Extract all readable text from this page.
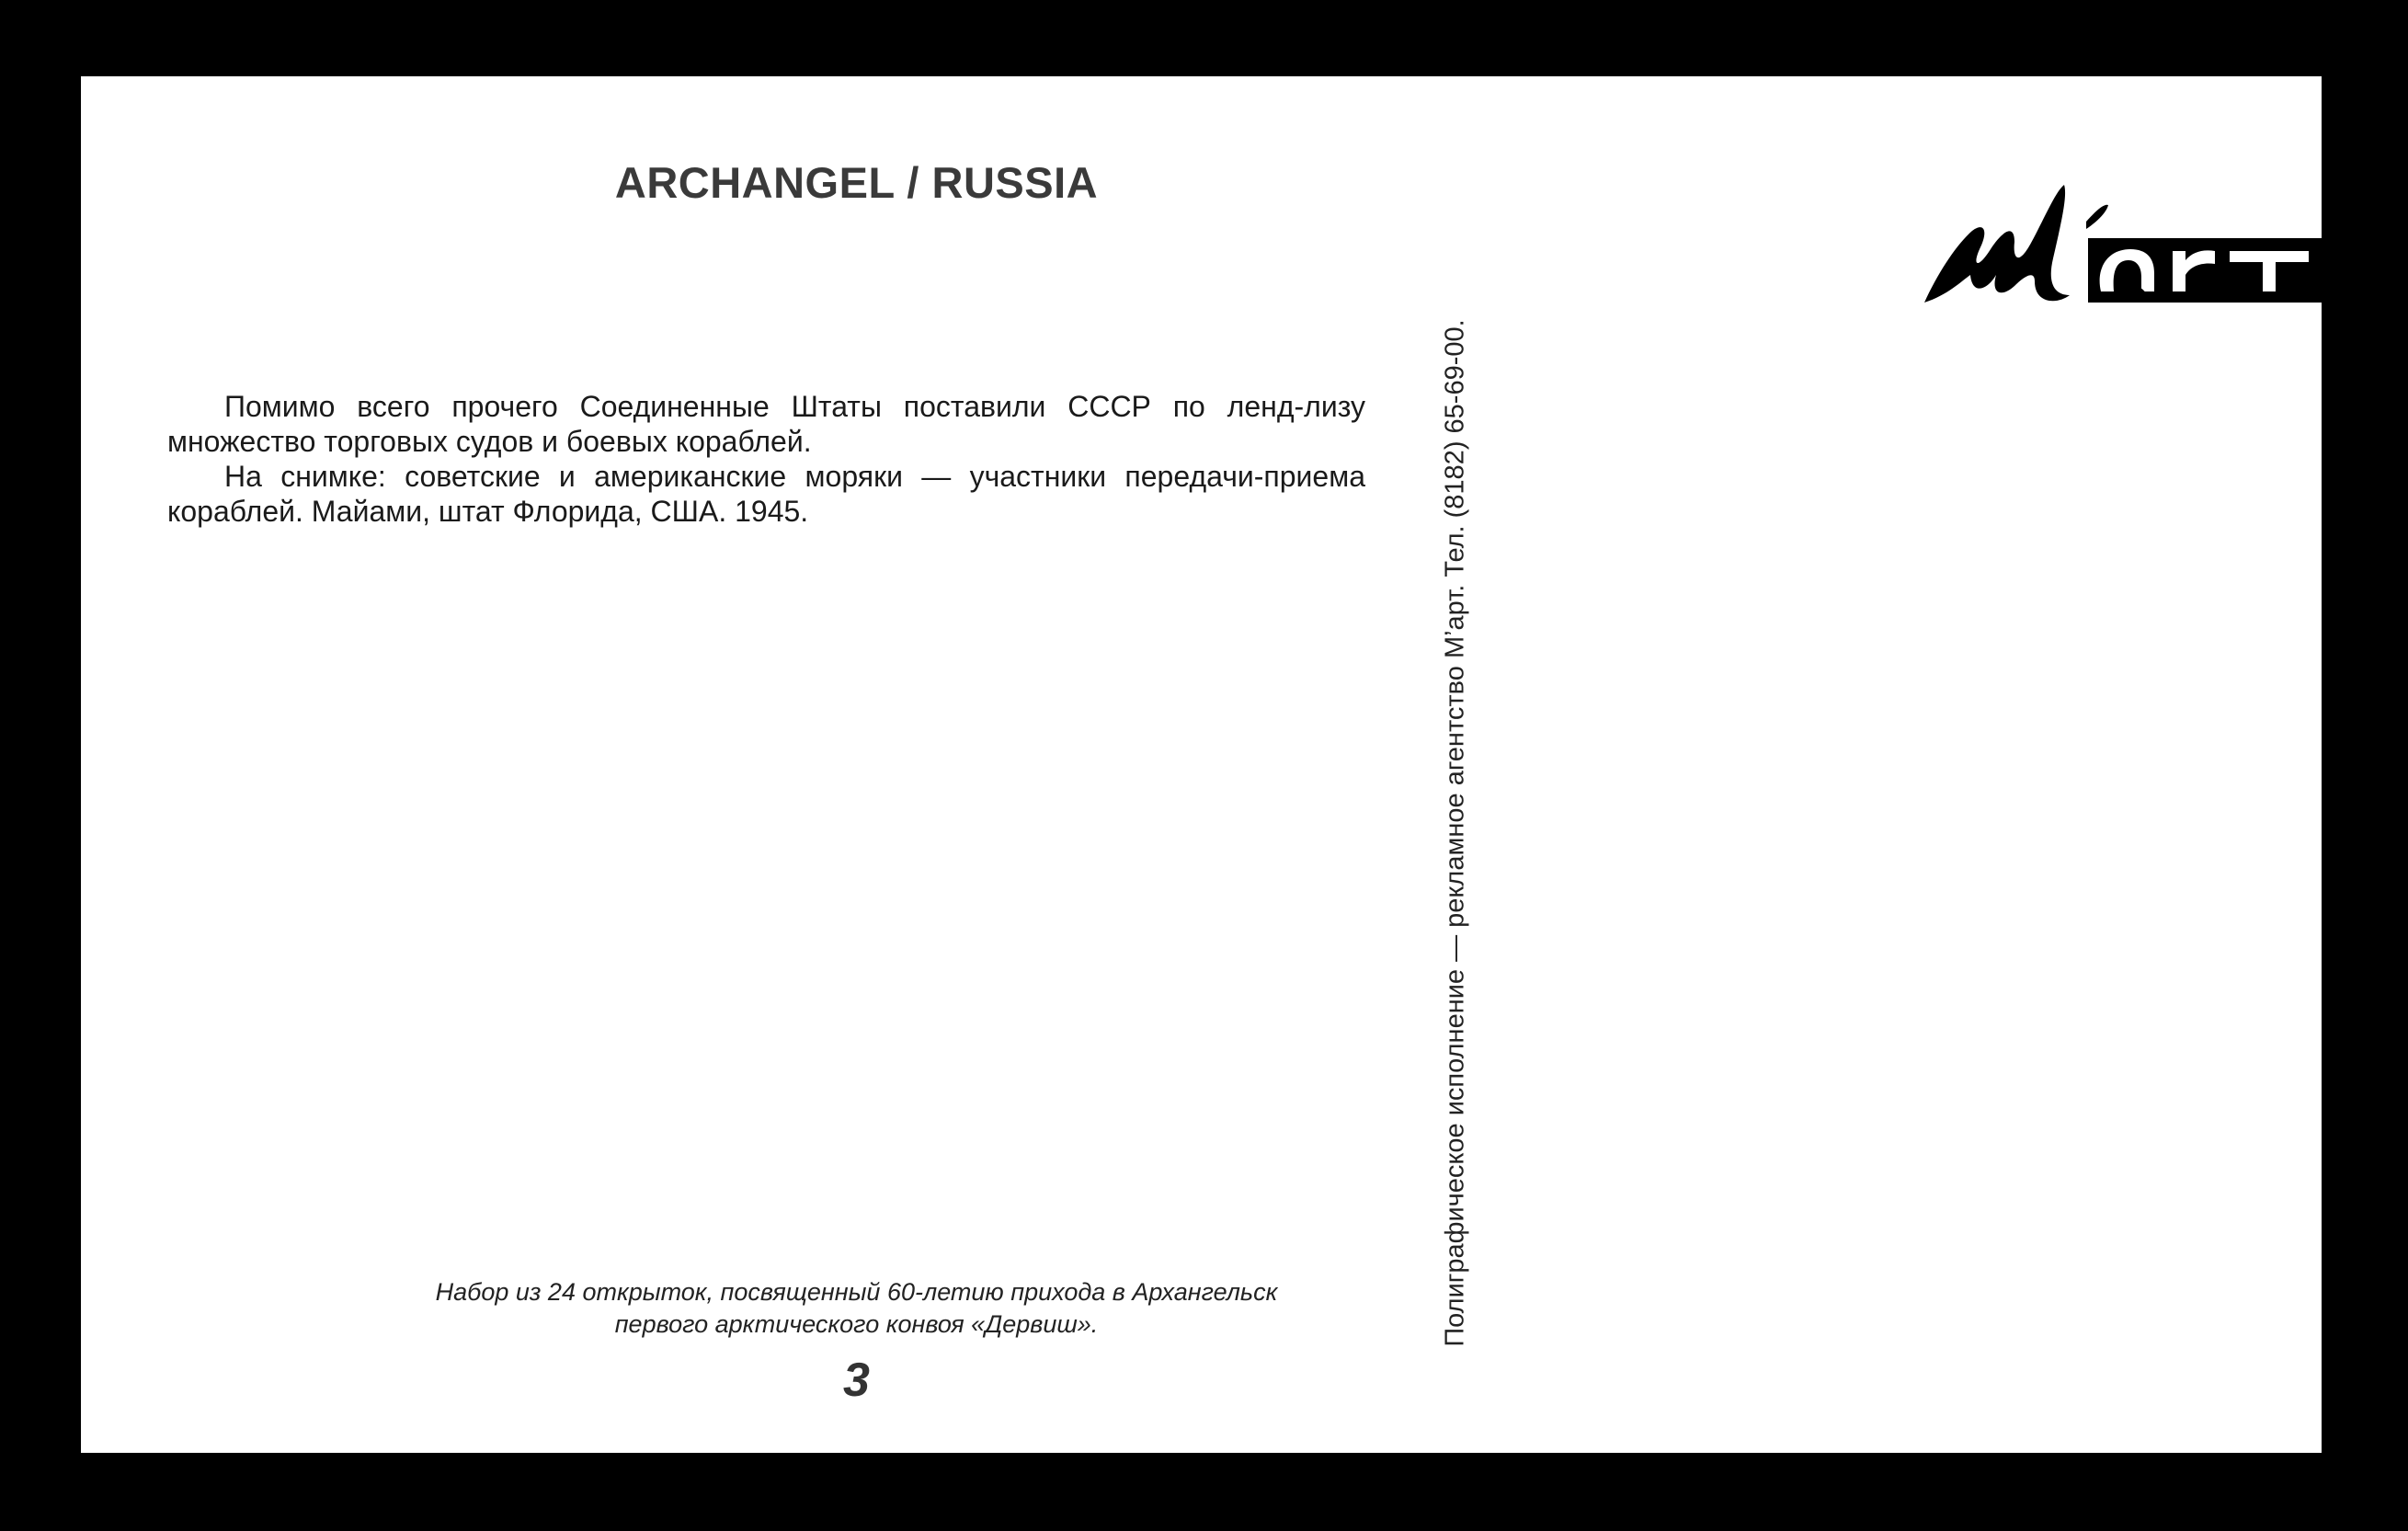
ARCHANGEL / RUSSIA

Помимо всего прочего Соединенные Штаты поставили СССР по ленд-лизу множество торговых судов и боевых кораблей.

На снимке: советские и американские моряки — участники передачи-приема кораблей. Майами, штат Флорида, США. 1945.

Набор из 24 открыток, посвященный 60-летию прихода в Архангельск
первого арктического конвоя «Дервиш».
3
Полиграфическое исполнение — рекламное агентство М’арт. Тел. (8182) 65-69-00.
